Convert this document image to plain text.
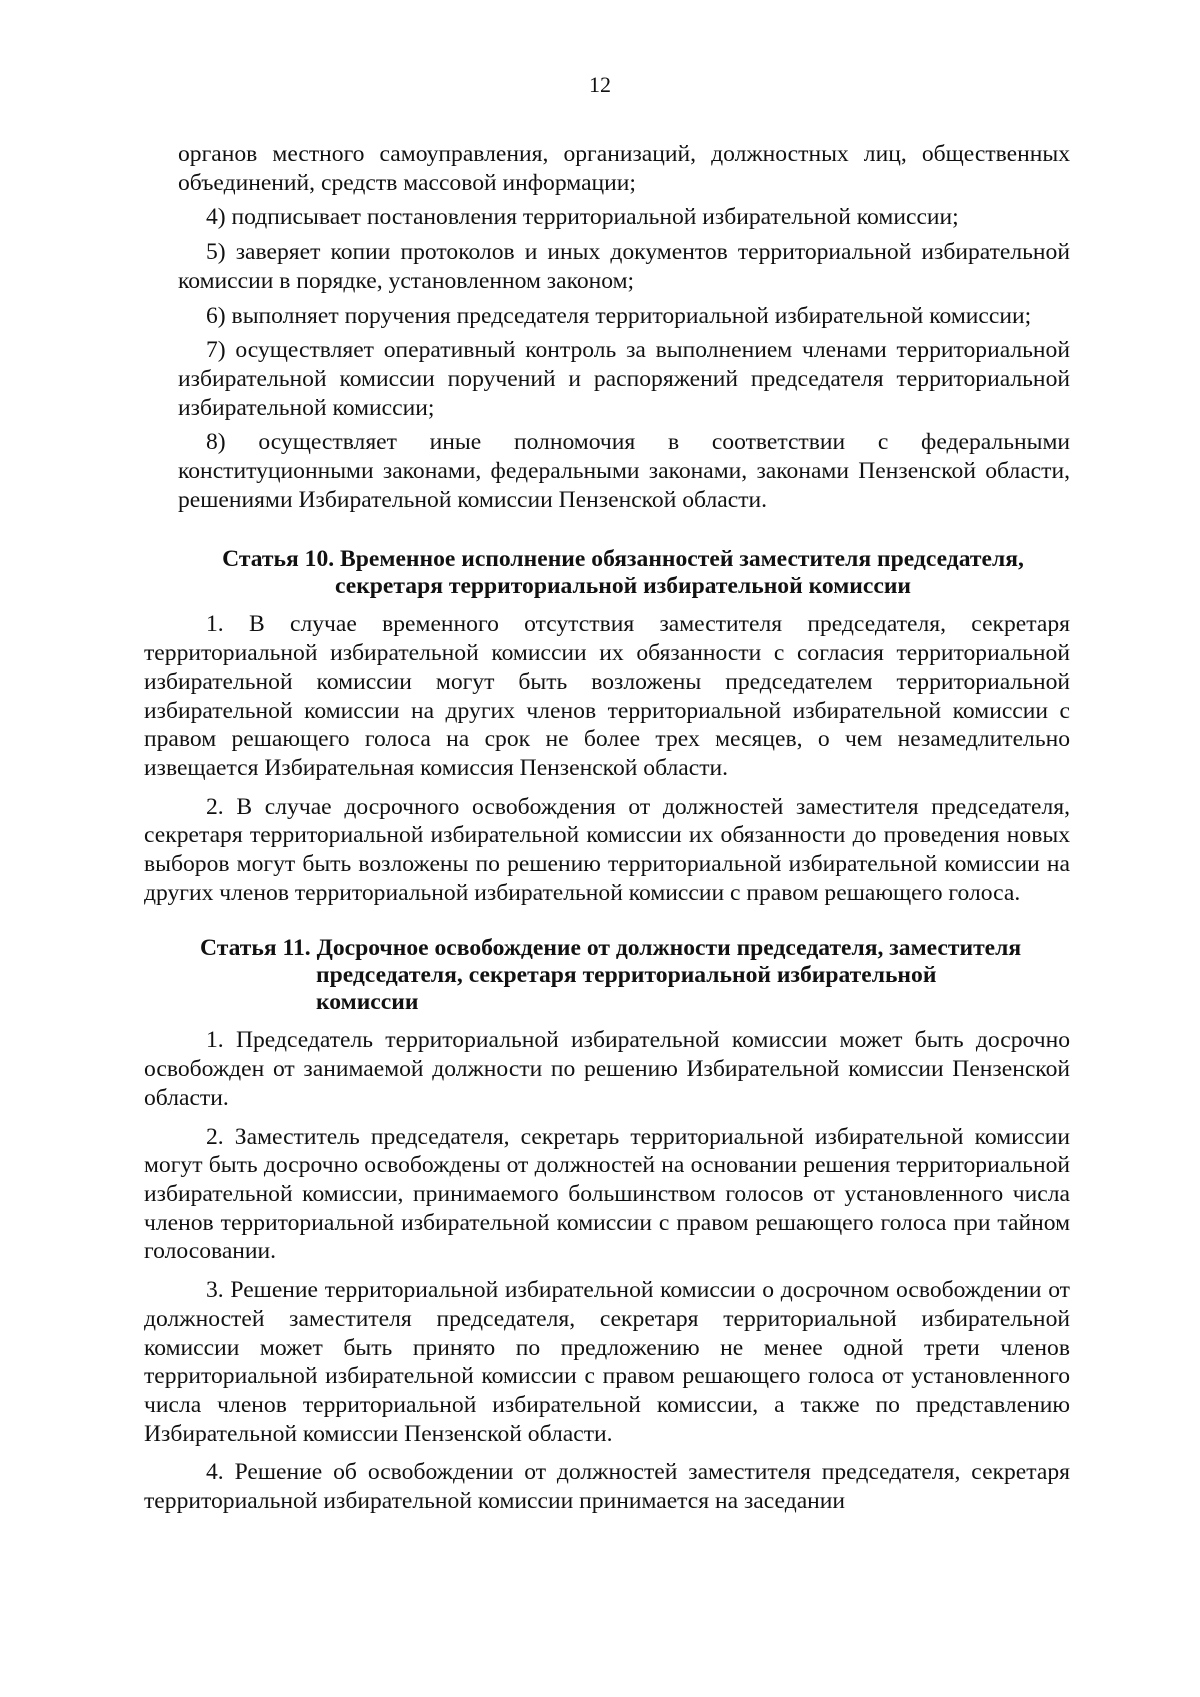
12

органов местного самоуправления, организаций, должностных лиц, общественных объединений, средств массовой информации;

4) подписывает постановления территориальной избирательной комиссии;

5) заверяет копии протоколов и иных документов территориальной избирательной комиссии в порядке, установленном законом;

6) выполняет поручения председателя территориальной избирательной комиссии;

7) осуществляет оперативный контроль за выполнением членами территориальной избирательной комиссии поручений и распоряжений председателя территориальной избирательной комиссии;

8) осуществляет иные полномочия в соответствии с федеральными конституционными законами, федеральными законами, законами Пензенской области, решениями Избирательной комиссии Пензенской области.

Статья 10. Временное исполнение обязанностей заместителя председателя,
секретаря территориальной избирательной комиссии

1. В случае временного отсутствия заместителя председателя, секретаря территориальной избирательной комиссии их обязанности с согласия территориальной избирательной комиссии могут быть возложены председателем территориальной избирательной комиссии на других членов территориальной избирательной комиссии с правом решающего голоса на срок не более трех месяцев, о чем незамедлительно извещается Избирательная комиссия Пензенской области.

2. В случае досрочного освобождения от должностей заместителя председателя, секретаря территориальной избирательной комиссии их обязанности до проведения новых выборов могут быть возложены по решению территориальной избирательной комиссии на других членов территориальной избирательной комиссии с правом решающего голоса.

Статья 11. Досрочное освобождение от должности председателя, заместителя
председателя, секретаря территориальной избирательной
комиссии

1. Председатель территориальной избирательной комиссии может быть досрочно освобожден от занимаемой должности по решению Избирательной комиссии Пензенской области.

2. Заместитель председателя, секретарь территориальной избирательной комиссии могут быть досрочно освобождены от должностей на основании решения территориальной избирательной комиссии, принимаемого большинством голосов от установленного числа членов территориальной избирательной комиссии с правом решающего голоса при тайном голосовании.

3. Решение территориальной избирательной комиссии о досрочном освобождении от должностей заместителя председателя, секретаря территориальной избирательной комиссии может быть принято по предложению не менее одной трети членов территориальной избирательной комиссии с правом решающего голоса от установленного числа членов территориальной избирательной комиссии, а также по представлению Избирательной комиссии Пензенской области.

4. Решение об освобождении от должностей заместителя председателя, секретаря территориальной избирательной комиссии принимается на заседании
